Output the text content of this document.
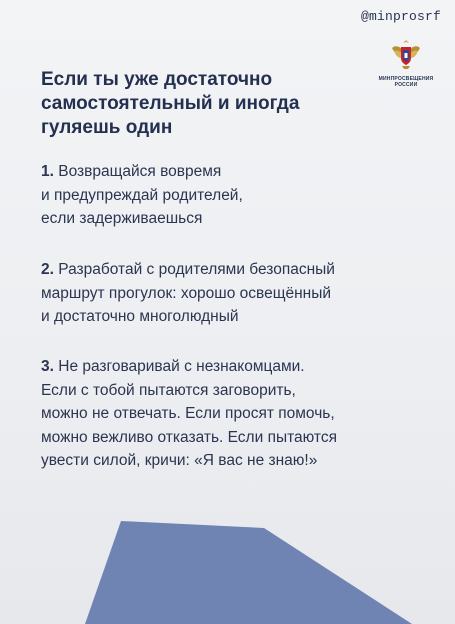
@minprosrf
МИНПРОСВЕЩЕНИЯ
РОССИИ
Если ты уже достаточно
самостоятельный и иногда
гуляешь один
1. Возвращайся вовремя
и предупреждай родителей,
если задерживаешься
2. Разработай с родителями безопасный
маршрут прогулок: хорошо освещённый
и достаточно многолюдный
3. Не разговаривай с незнакомцами.
Если с тобой пытаются заговорить,
можно не отвечать. Если просят помочь,
можно вежливо отказать. Если пытаются
увести силой, кричи: «Я вас не знаю!»
